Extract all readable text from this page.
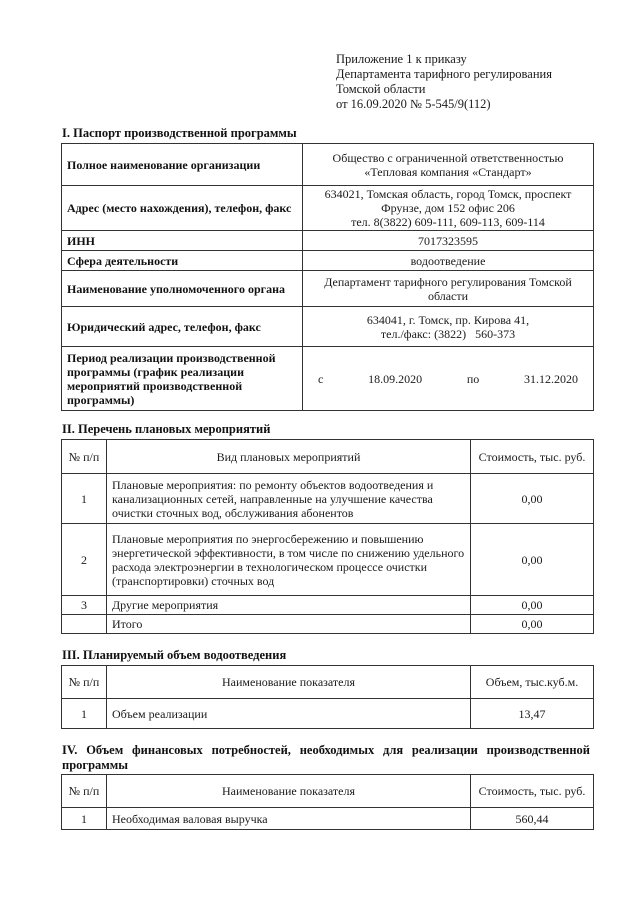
Приложение 1 к приказу
Департамента тарифного регулирования
Томской области
от 16.09.2020 № 5-545/9(112)
I. Паспорт производственной программы
Полное наименование организации	Общество с ограниченной ответственностью
«Тепловая компания «Стандарт»

Адрес (место нахождения), телефон, факс	634021, Томская область, город Томск, проспект
Фрунзе, дом 152 офис 206
тел. 8(3822) 609-111, 609-113, 609-114

ИНН	7017323595
Сфера деятельности	водоотведение
Наименование уполномоченного органа	Департамент тарифного регулирования Томской
области

Юридический адрес, телефон, факс	634041, г. Томск, пр. Кирова 41,
тел./факс: (3822)   560-373

Период реализации производственной программы (график реализации мероприятий производственной программы)	с 18.09.2020 по 31.12.2020
II. Перечень плановых мероприятий
№ п/п	Вид плановых мероприятий	Стоимость, тыс. руб.
1	Плановые мероприятия: по ремонту объектов водоотведения и канализационных сетей, направленные на улучшение качества очистки сточных вод, обслуживания абонентов	0,00
2	Плановые мероприятия по энергосбережению и повышению энергетической эффективности, в том числе по снижению удельного расхода электроэнергии в технологическом процессе очистки (транспортировки) сточных вод	0,00
3	Другие мероприятия	0,00
	Итого	0,00
III. Планируемый объем водоотведения
№ п/п	Наименование показателя	Объем, тыс.куб.м.
1	Объем реализации	13,47
IV. Объем финансовых потребностей, необходимых для реализации производственной
программы
№ п/п	Наименование показателя	Стоимость, тыс. руб.
1	Необходимая валовая выручка	560,44
